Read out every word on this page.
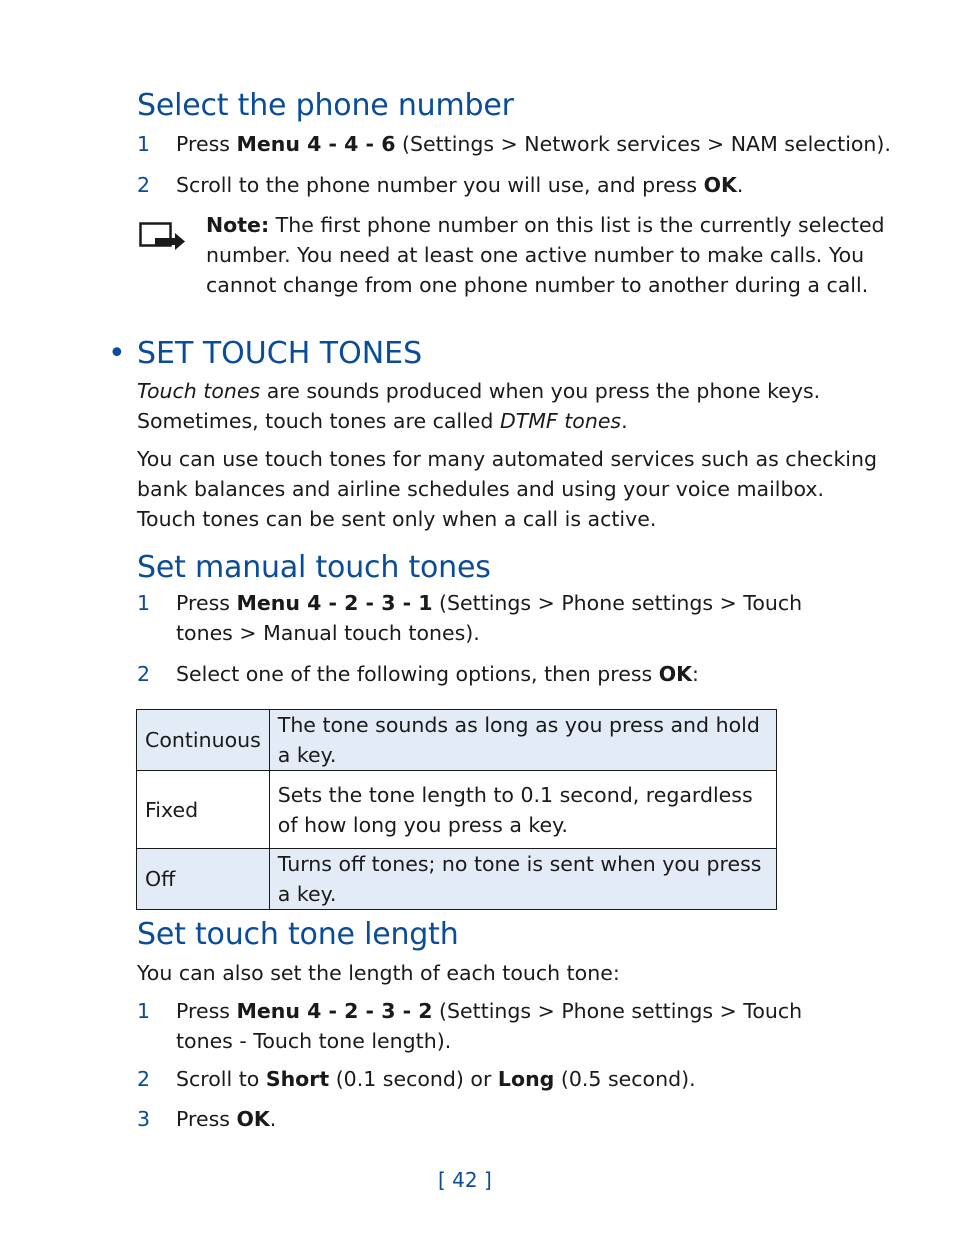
Select the phone number
1 Press Menu 4 - 4 - 6 (Settings > Network services > NAM selection).
2 Scroll to the phone number you will use, and press OK.
Note: The first phone number on this list is the currently selected
number. You need at least one active number to make calls. You
cannot change from one phone number to another during a call.
• SET TOUCH TONES
Touch tones are sounds produced when you press the phone keys.
Sometimes, touch tones are called DTMF tones.
You can use touch tones for many automated services such as checking
bank balances and airline schedules and using your voice mailbox.
Touch tones can be sent only when a call is active.
Set manual touch tones
1 Press Menu 4 - 2 - 3 - 1 (Settings > Phone settings > Touch
tones > Manual touch tones).
2 Select one of the following options, then press OK:
Continuous	The tone sounds as long as you press and hold a key.
Fixed	Sets the tone length to 0.1 second, regardless of how long you press a key.
Off	Turns off tones; no tone is sent when you press a key.
Set touch tone length
You can also set the length of each touch tone:
1 Press Menu 4 - 2 - 3 - 2 (Settings > Phone settings > Touch
tones - Touch tone length).
2 Scroll to Short (0.1 second) or Long (0.5 second).
3 Press OK.
[ 42 ]
